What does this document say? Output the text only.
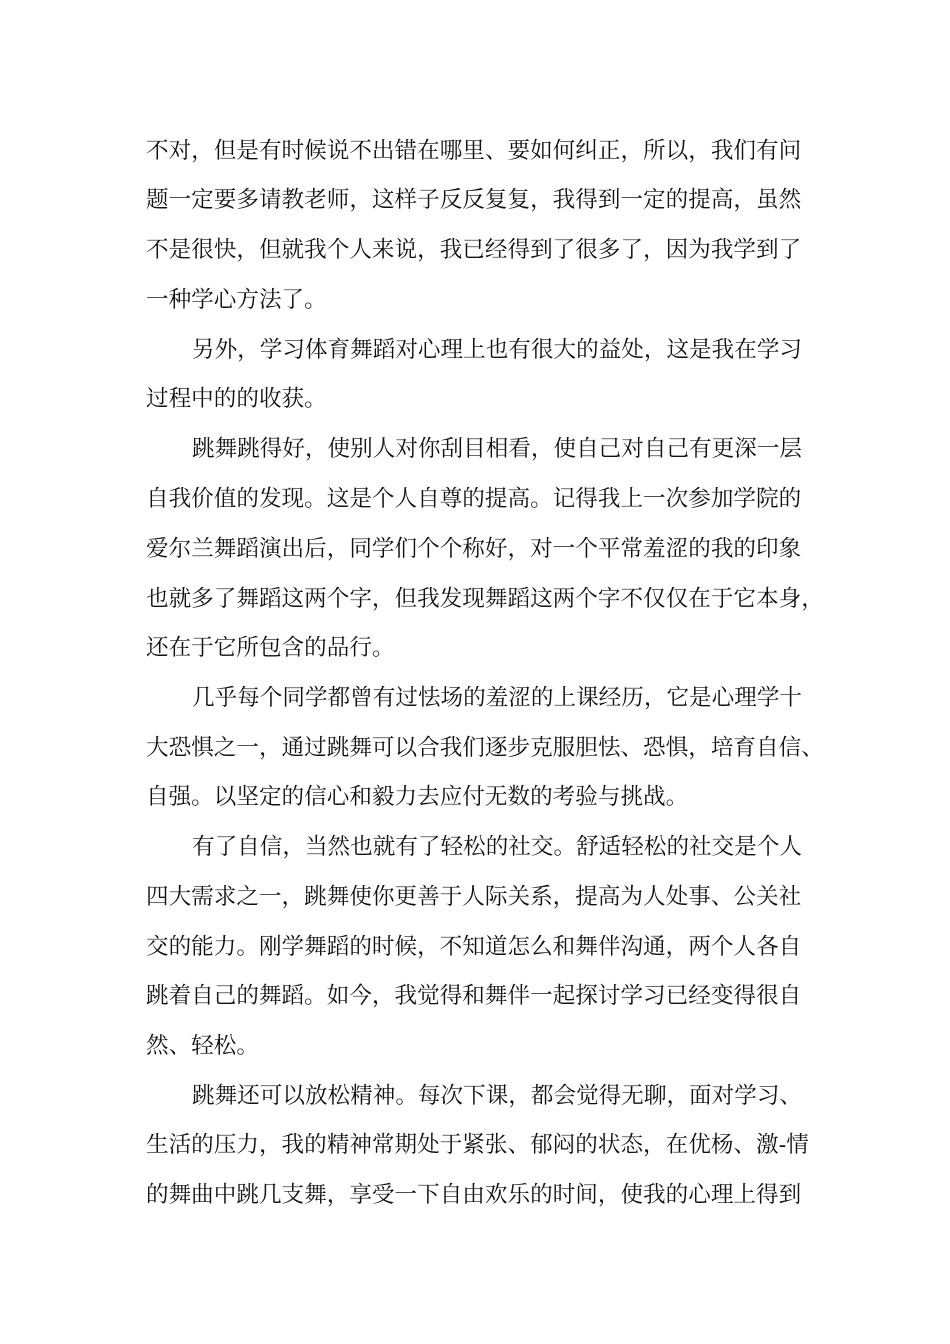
不对，但是有时候说不出错在哪里、要如何纠正，所以，我们有问
题一定要多请教老师，这样子反反复复，我得到一定的提高，虽然
不是很快，但就我个人来说，我已经得到了很多了，因为我学到了
一种学心方法了。
另外，学习体育舞蹈对心理上也有很大的益处，这是我在学习
过程中的的收获。
跳舞跳得好，使别人对你刮目相看，使自己对自己有更深一层
自我价值的发现。这是个人自尊的提高。记得我上一次参加学院的
爱尔兰舞蹈演出后，同学们个个称好，对一个平常羞涩的我的印象
也就多了舞蹈这两个字，但我发现舞蹈这两个字不仅仅在于它本身，
还在于它所包含的品行。
几乎每个同学都曾有过怯场的羞涩的上课经历，它是心理学十
大恐惧之一，通过跳舞可以合我们逐步克服胆怯、恐惧，培育自信、
自强。以坚定的信心和毅力去应付无数的考验与挑战。
有了自信，当然也就有了轻松的社交。舒适轻松的社交是个人
四大需求之一，跳舞使你更善于人际关系，提高为人处事、公关社
交的能力。刚学舞蹈的时候，不知道怎么和舞伴沟通，两个人各自
跳着自己的舞蹈。如今，我觉得和舞伴一起探讨学习已经变得很自
然、轻松。
跳舞还可以放松精神。每次下课，都会觉得无聊，面对学习、
生活的压力，我的精神常期处于紧张、郁闷的状态，在优杨、激-情
的舞曲中跳几支舞，享受一下自由欢乐的时间，使我的心理上得到
